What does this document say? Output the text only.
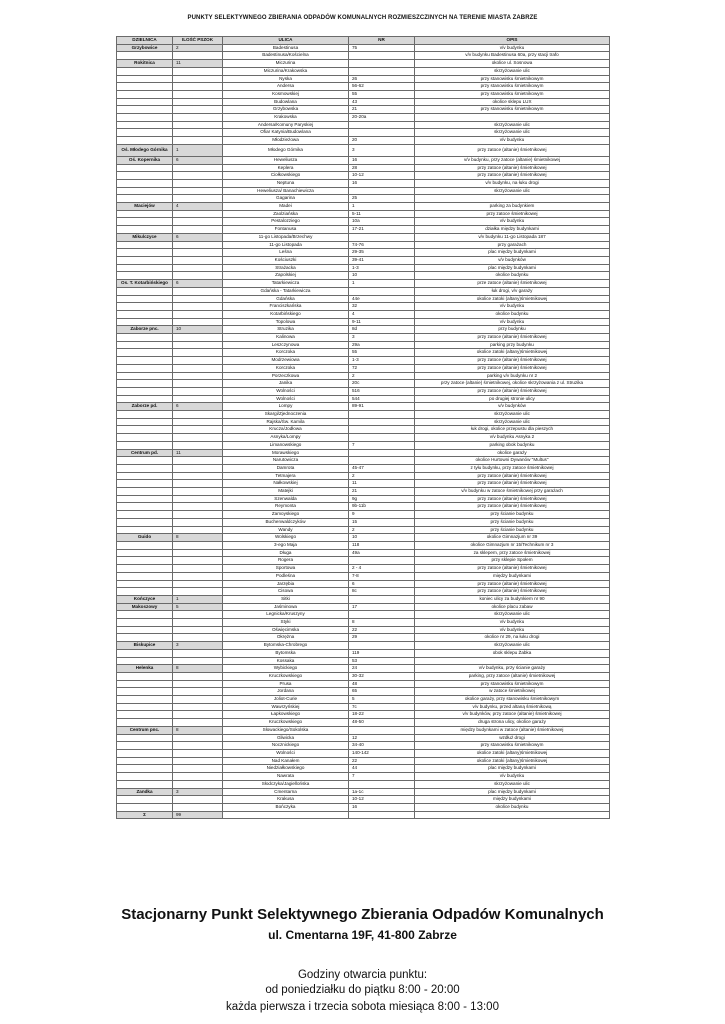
PUNKTY SELEKTYWNEGO ZBIERANIA ODPADÓW KOMUNALNYCH ROZMIESZCZINYCH NA TERENIE MIASTA ZABRZE
DZIELNICA	ILOŚĆ PSZOK	ULICA	NR	OPIS
Grzybowice	2	Badestinusa	75	v/v budynku
		Badestinusa/Kościelna		v/v budynku Badestinusa 60a, przy stacji trafo
Rokitnica	11	Miczurina		okolice ul. Sosnowa
		Miczurina/Krakowska		skrzyżowanie ulic
		Nyska	26	przy stanowisku śmietnikowym
		Andersa	56-62	przy stanowisku śmietnikowym
		Kosmowskiej	55	przy stanowisku śmietnikowym
		Budowlana	43	okolice sklepu LUX
		Grzybowska	21	przy stanowisku śmietnikowym
		Krakowska	20-20a	
		Andersa/Komuny Paryskiej		skrzyżowanie ulic
		Ofiar Katynia/Budowlana		skrzyżowanie ulic
		Młodzieżowa	20	v/v budynku
Oś. Młodego Górnika	1	Młodego Górnika	3	przy zatoce (altanie) śmietnikowej
Oś. Kopernika	6	Heweliusza	16	v/v budynku, przy zatoce (altanie) śmietnikowej
		Keplera	28	przy zatoce (altanie) śmietnikowej
		Ciołkowskiego	10-12	przy zatoce (altanie) śmietnikowej
		Neptuna	16	v/v budynku, na łuku drogi
		Heweliusza/ Banachiewicza		skrzyżowanie ulic
		Gagarina	25	
Maciejów	4	Madei	1	parking za budynkiem
		Zaolziańska	5-11	przy zatoce śmietnikowej
		Pestalozziego	10a	v/v budynku
		Fontanusa	17-21	działka między budynkami
Mikulczyce	6	11-go Listopada/Brzechwy		v/v budynku 11-go Listopada 187
		11-go Listopada	74-76	przy garażach
		Leśna	29-35	plac między budynkami
		Kościuszki	39-41	v/v budynków
		Strażacka	1-3	plac między budynkami
		Zapolskiej	10	okolice budynku
Os. T. Kotarbińskiego	6	Tatarkiewicza	1	prze zatoce (altanie) śmietnikowej
		Gdańska - Tatarkiewicza		łuk drogi, v/v garaży
		Gdańska	44e	okolice zatoki (altany)śmietnikowej
		Franciszkańska	32	v/v budynku
		Kotarbińskiego	4	okolice budynku
		Topolowa	9-11	v/v budynku
Zaborze pnc.	10	Struzika	8d	przy budynku
		Kalinowa	3	przy zatoce (altanie) śmietnikowej
		Leszczynowa	29a	parking przy budynku
		Korczoka	55	okolice zatoki (altany)śmietnikowej
		Modrzewiowa	1-3	przy zatoce (altanie) śmietnikowej
		Korczoka	72	przy zatoce (altanie) śmietnikowej
		Porzeczkowa	2	parking v/v budynku nr 2
		Janika	20c	przy zatoce (altanie) śmietnikowej, okolice skrzyżowania z ul. Struzika
		Wolności	516	przy zatoce (altanie) śmietnikowej
		Wolności	544	po drugiej stronie ulicy
Zaborze pd.	6	Lompy	89-91	v/v budynków
		Skargi/Zjednoczenia		skrzyżowanie ulic
		Rajska/Św. Kamila		skrzyżowanie ulic
		Krucza/Jodłowa		łuk drogi, okolice przepustu dla pieszych
		Asnyka/Lompy		v/v budynku Asnyka 2
		Limanowskiego	7	parking obok budynku
Centrum pd.	11	Morawskiego		okolice garaży
		Narutowicza		okolice Hurtowni Dywanów "Multus"
		Damrota	45-47	z tyłu budynku, przy zatoce śmietnikowej
		Tetmajera	2	przy zatoce (altanie) śmietnikowej
		Nałkowskiej	11	przy zatoce (altanie) śmietnikowej
		Matejki	21	v/v budynku w zatoce śmietnikowej przy garażach
		Szenwalda	9g	przy zatoce (altanie) śmietnikowej
		Reymonta	9b-11b	przy zatoce (altanie) śmietnikowej
		Zamoyskiego	9	przy ścianie budynku
		Buchenwaldczyków	15	przy ścianie budynku
		Wandy	2	przy ścianie budynku
Guido	8	Wolskiego	10	okolice Gimnazjum nr 39
		3-ego Maja	118	okolice Gimnazjum nr 15/Technikum nr 3
		Długa	49a	za sklepem, przy zatoce śmietnikowej
		Rogera		przy sklepie Społem
		Sportowa	2 - 4	przy zatoce (altanie) śmietnikowej
		Podleśna	7-8	między budynkami
		Jarzębia	6	przy zatoce (altanie) śmietnikowej
		Cisowa	8c	przy zatoce (altanie) śmietnikowej
Kończyce	1	Sitki		koniec ulicy za budynkiem nr 90
Makoszowy	5	Jaśminowa	17	okolice placu zabaw
		Legnicka/Kruszyny		skrzyżowanie ulic
		Styki	8	v/v budynku
		Oświęcimska	22	v/v budynku
		Okrężna	29	okolice nr 29, na łuku drogi
Biskupice	3	Bytomska-Chrobrego		skrzyżowanie ulic
		Bytomska	119	obok sklepu Żabka
		Kossaka	53	
Helenka	8	Wybickiego	24	v/v budynku, przy ścianie garaży
		Kruczkowskiego	30-32	parking, przy zatoce (altanie) śmietnikowej
		Prusa	48	przy stanowisku śmietnikowym
		Jordana	65	w zatoce śmietnikowej
		Joliot-Curie	5	okolice garaży, przy stanowisku śmietnikowym
		Wawrzyńskiej	7c	v/v budynku, przed altaną śmietnikową
		Łapkowskiego	18-22	v/v budynków, przy zatoce (altanie) śmietnikowej
		Kruczkowskiego	48-50	druga strona ulicy, okolice garaży
Centrum pnc.	8	Słowackiego/Sokolska		między budynkami w zatoce (altanie) śmietnikowej
		Gliwicka	12	wzdłuż drogi
		Nocznickiego	34-40	przy stanowisku śmietnikowym
		Wolności	140-142	okolice zatoki (altany)śmietnikowej
		Nad Kanałem	22	okolice zatoki (altany)śmietnikowej
		Niedziałkowskiego	44	plac między budynkami
		Nawrata	7	v/v budynku
		Słodczyka/Jagiellońska		skrzyżowanie ulic
Zandka	3	Cmentarna	1a-1c	plac między budynkami
		Krakusa	10-12	między budynkami
		Bończyka	16	okolice budynku
Σ	99			
Stacjonarny Punkt Selektywnego Zbierania Odpadów Komunalnych
ul. Cmentarna 19F, 41-800 Zabrze
Godziny otwarcia punktu:
od poniedziałku do piątku 8:00 - 20:00
każda pierwsza i trzecia sobota miesiąca 8:00 - 13:00
